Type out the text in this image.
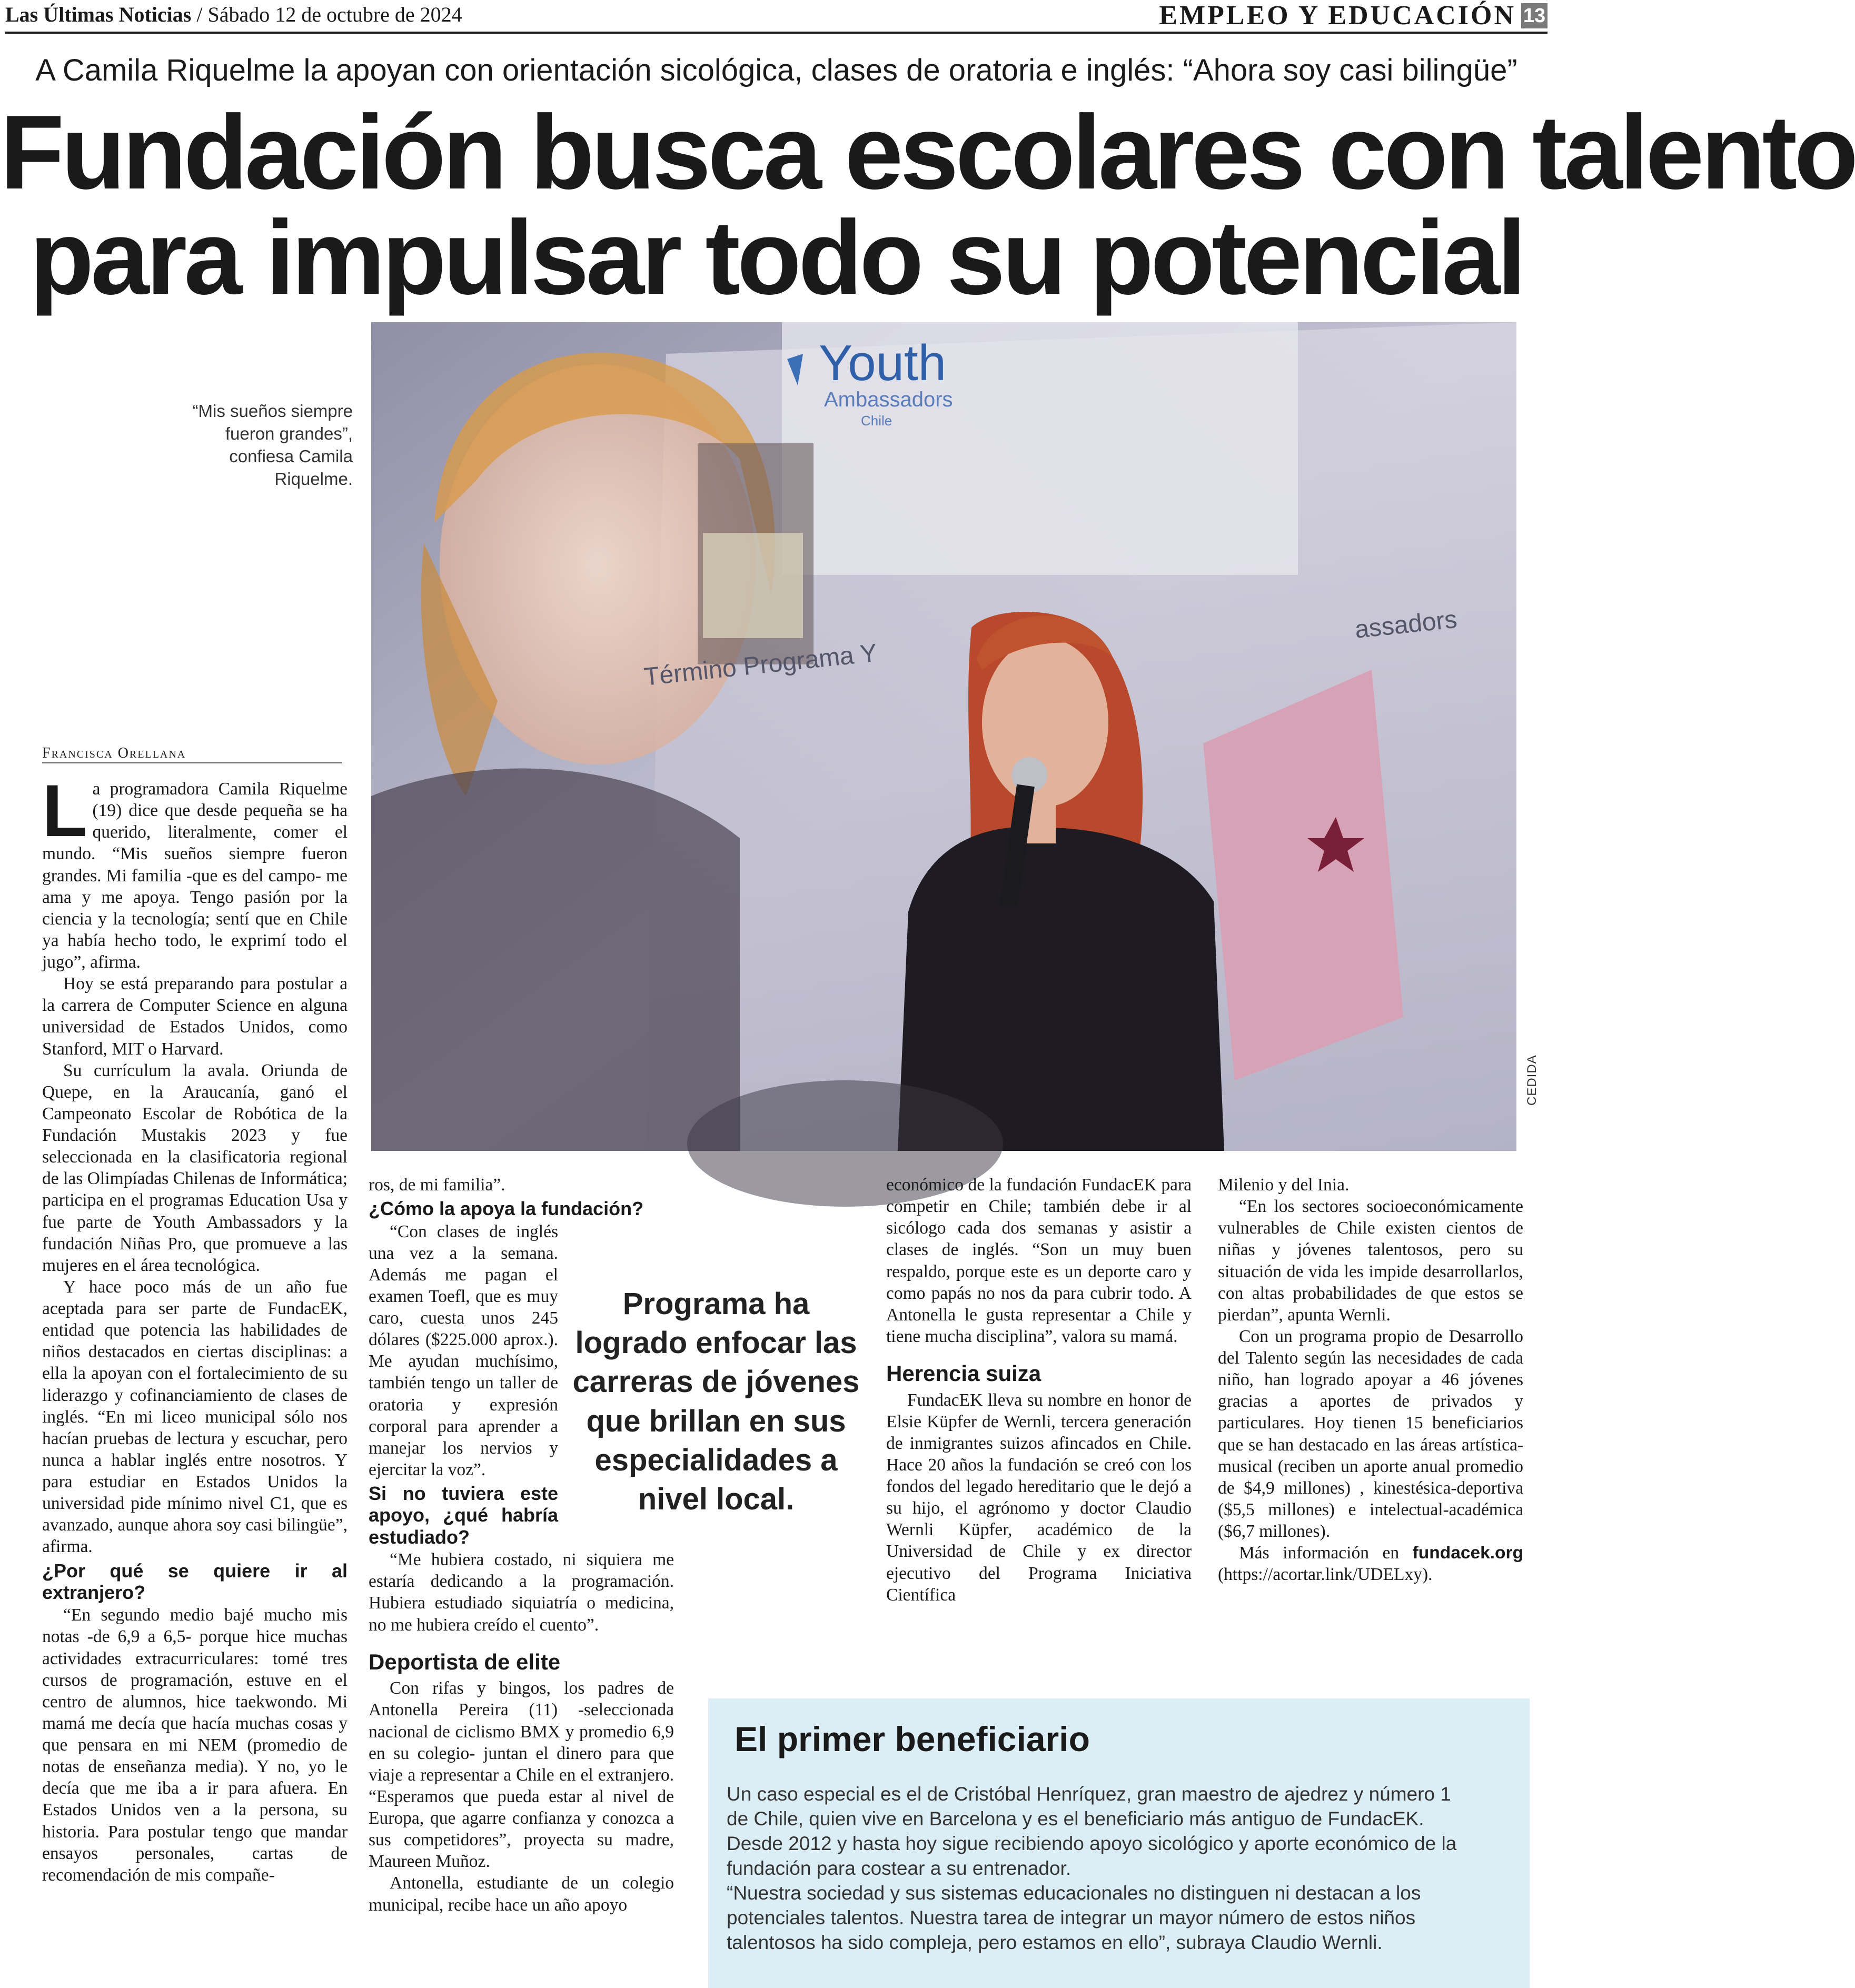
Las Últimas Noticias / Sábado 12 de octubre de 2024	EMPLEO Y EDUCACIÓN 13
A Camila Riquelme la apoyan con orientación sicológica, clases de oratoria e inglés: “Ahora soy casi bilingüe”
Fundación busca escolares con talento
para impulsar todo su potencial
Youth
Ambassadors
Chile
Término Programa Y
assadors
CEDIDA
“Mis sueños siempre fueron grandes”, confiesa Camila Riquelme.
Francisca Orellana

La programadora Camila Riquelme (19) dice que desde pequeña se ha querido, literalmente, comer el mundo. “Mis sueños siempre fueron grandes. Mi familia -que es del campo- me ama y me apoya. Tengo pasión por la ciencia y la tecnología; sentí que en Chile ya había hecho todo, le exprimí todo el jugo”, afirma.

Hoy se está preparando para postular a la carrera de Computer Science en alguna universidad de Estados Unidos, como Stanford, MIT o Harvard.

Su currículum la avala. Oriunda de Quepe, en la Araucanía, ganó el Campeonato Escolar de Robótica de la Fundación Mustakis 2023 y fue seleccionada en la clasificatoria regional de las Olimpíadas Chilenas de Informática; participa en el programas Education Usa y fue parte de Youth Ambassadors y la fundación Niñas Pro, que promueve a las mujeres en el área tecnológica.

Y hace poco más de un año fue aceptada para ser parte de FundacEK, entidad que potencia las habilidades de niños destacados en ciertas disciplinas: a ella la apoyan con el fortalecimiento de su liderazgo y cofinanciamiento de clases de inglés. “En mi liceo municipal sólo nos hacían pruebas de lectura y escuchar, pero nunca a hablar inglés entre nosotros. Y para estudiar en Estados Unidos la universidad pide mínimo nivel C1, que es avanzado, aunque ahora soy casi bilingüe”, afirma.

¿Por qué se quiere ir al extranjero?

“En segundo medio bajé mucho mis notas -de 6,9 a 6,5- porque hice muchas actividades extracurriculares: tomé tres cursos de programación, estuve en el centro de alumnos, hice taekwondo. Mi mamá me decía que hacía muchas cosas y que pensara en mi NEM (promedio de notas de enseñanza media). Y no, yo le decía que me iba a ir para afuera. En Estados Unidos ven a la persona, su historia. Para postular tengo que mandar ensayos personales, cartas de recomendación de mis compañe-

ros, de mi familia”.

¿Cómo la apoya la fundación?

“Con clases de inglés una vez a la semana. Además me pagan el examen Toefl, que es muy caro, cuesta unos 245 dólares ($225.000 aprox.). Me ayudan muchísimo, también tengo un taller de oratoria y expresión corporal para aprender a manejar los nervios y ejercitar la voz”.

Si no tuviera este apoyo, ¿qué habría estudiado?

“Me hubiera costado, ni siquiera me estaría dedicando a la programación. Hubiera estudiado siquiatría o medicina, no me hubiera creído el cuento”.

Deportista de elite

Con rifas y bingos, los padres de Antonella Pereira (11) -seleccionada nacional de ciclismo BMX y promedio 6,9 en su colegio- juntan el dinero para que viaje a representar a Chile en el extranjero. “Esperamos que pueda estar al nivel de Europa, que agarre confianza y conozca a sus competidores”, proyecta su madre, Maureen Muñoz.

Antonella, estudiante de un colegio municipal, recibe hace un año apoyo

Programa ha logrado enfocar las carreras de jóvenes que brillan en sus especialidades a nivel local.

económico de la fundación FundacEK para competir en Chile; también debe ir al sicólogo cada dos semanas y asistir a clases de inglés. “Son un muy buen respaldo, porque este es un deporte caro y como papás no nos da para cubrir todo. A Antonella le gusta representar a Chile y tiene mucha disciplina”, valora su mamá.

Herencia suiza

FundacEK lleva su nombre en honor de Elsie Küpfer de Wernli, tercera generación de inmigrantes suizos afincados en Chile. Hace 20 años la fundación se creó con los fondos del legado hereditario que le dejó a su hijo, el agrónomo y doctor Claudio Wernli Küpfer, académico de la Universidad de Chile y ex director ejecutivo del Programa Iniciativa Científica

Milenio y del Inia.

“En los sectores socioeconómicamente vulnerables de Chile existen cientos de niñas y jóvenes talentosos, pero su situación de vida les impide desarrollarlos, con altas probabilidades de que estos se pierdan”, apunta Wernli.

Con un programa propio de Desarrollo del Talento según las necesidades de cada niño, han logrado apoyar a 46 jóvenes gracias a aportes de privados y particulares. Hoy tienen 15 beneficiarios que se han destacado en las áreas artística-musical (reciben un aporte anual promedio de $4,9 millones) , kinestésica-deportiva ($5,5 millones) e intelectual-académica ($6,7 millones).

Más información en fundacek.org (https://acortar.link/UDELxy).

El primer beneficiario

Un caso especial es el de Cristóbal Henríquez, gran maestro de ajedrez y número 1 de Chile, quien vive en Barcelona y es el beneficiario más antiguo de FundacEK. Desde 2012 y hasta hoy sigue recibiendo apoyo sicológico y aporte económico de la fundación para costear a su entrenador.

“Nuestra sociedad y sus sistemas educacionales no distinguen ni destacan a los potenciales talentos. Nuestra tarea de integrar un mayor número de estos niños talentosos ha sido compleja, pero estamos en ello”, subraya Claudio Wernli.
